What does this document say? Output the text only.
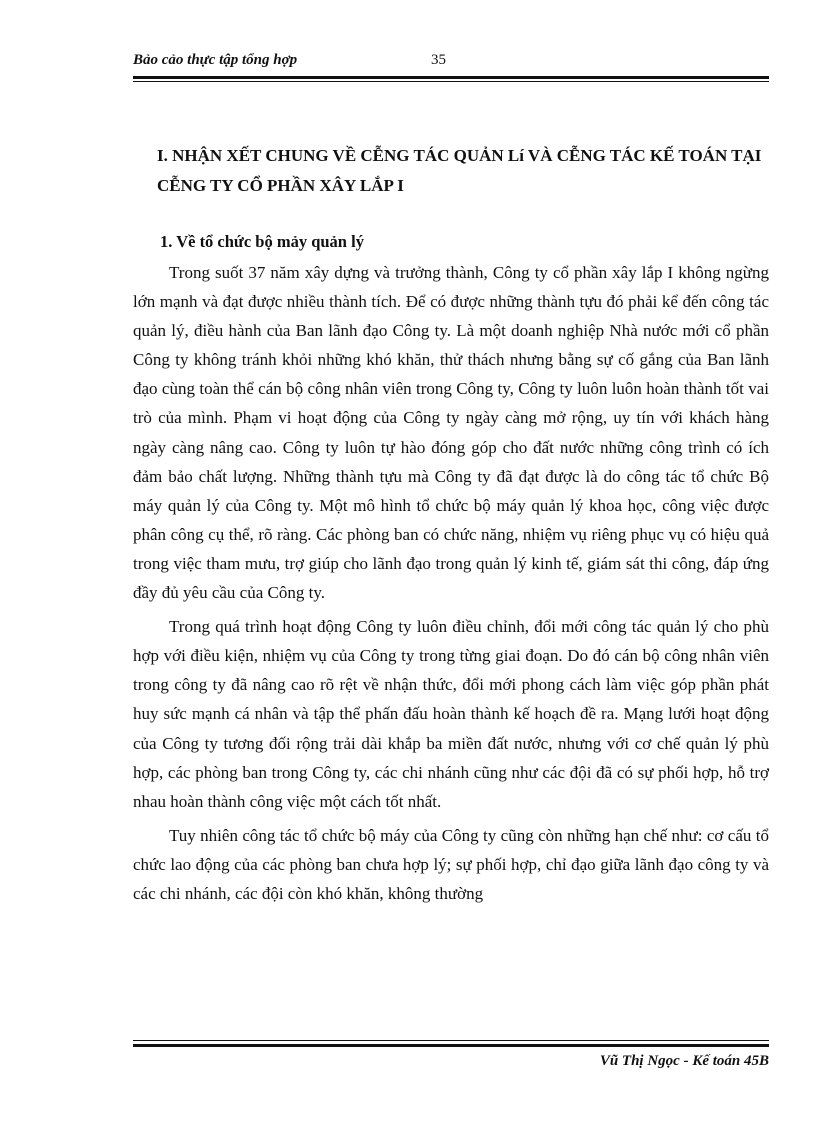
Bảo cảo thực tập tổng hợp	35
I. NHẬN XẾT CHUNG VỀ CỄNG TÁC QUẢN Lí VÀ CỄNG TÁC KẾ TOÁN TẠI CỄNG TY CỔ PHẦN XÂY LẮP I
1. Về tổ chức bộ mảy quản lý

Trong suốt 37 năm xây dựng và trưởng thành, Công ty cổ phần xây lắp I không ngừng lớn mạnh và đạt được nhiều thành tích. Để có được những thành tựu đó phải kể đến công tác quản lý, điều hành của Ban lãnh đạo Công ty. Là một doanh nghiệp Nhà nước mới cổ phần Công ty không tránh khỏi những khó khăn, thử thách nhưng bằng sự cố gắng của Ban lãnh đạo cùng toàn thể cán bộ công nhân viên trong Công ty, Công ty luôn luôn hoàn thành tốt vai trò của mình. Phạm vi hoạt động của Công ty ngày càng mở rộng, uy tín với khách hàng ngày càng nâng cao. Công ty luôn tự hào đóng góp cho đất nước những công trình có ích đảm bảo chất lượng. Những thành tựu mà Công ty đã đạt được là do công tác tổ chức Bộ máy quản lý của Công ty. Một mô hình tổ chức bộ máy quản lý khoa học, công việc được phân công cụ thể, rõ ràng. Các phòng ban có chức năng, nhiệm vụ riêng phục vụ có hiệu quả trong việc tham mưu, trợ giúp cho lãnh đạo trong quản lý kinh tế, giám sát thi công, đáp ứng đầy đủ yêu cầu của Công ty.

Trong quá trình hoạt động Công ty luôn điều chỉnh, đổi mới công tác quản lý cho phù hợp với điều kiện, nhiệm vụ của Công ty trong từng giai đoạn. Do đó cán bộ công nhân viên trong công ty đã nâng cao rõ rệt về nhận thức, đổi mới phong cách làm việc góp phần phát huy sức mạnh cá nhân và tập thể phấn đấu hoàn thành kế hoạch đề ra. Mạng lưới hoạt động của Công ty tương đối rộng trải dài khắp ba miền đất nước, nhưng với cơ chế quản lý phù hợp, các phòng ban trong Công ty, các chi nhánh cũng như các đội đã có sự phối hợp, hỗ trợ nhau hoàn thành công việc một cách tốt nhất.

Tuy nhiên công tác tổ chức bộ máy của Công ty cũng còn những hạn chế như: cơ cấu tổ chức lao động của các phòng ban chưa hợp lý; sự phối hợp, chỉ đạo giữa lãnh đạo công ty và các chi nhánh, các đội còn khó khăn, không thường

Vũ Thị Ngọc - Kế toán 45B
